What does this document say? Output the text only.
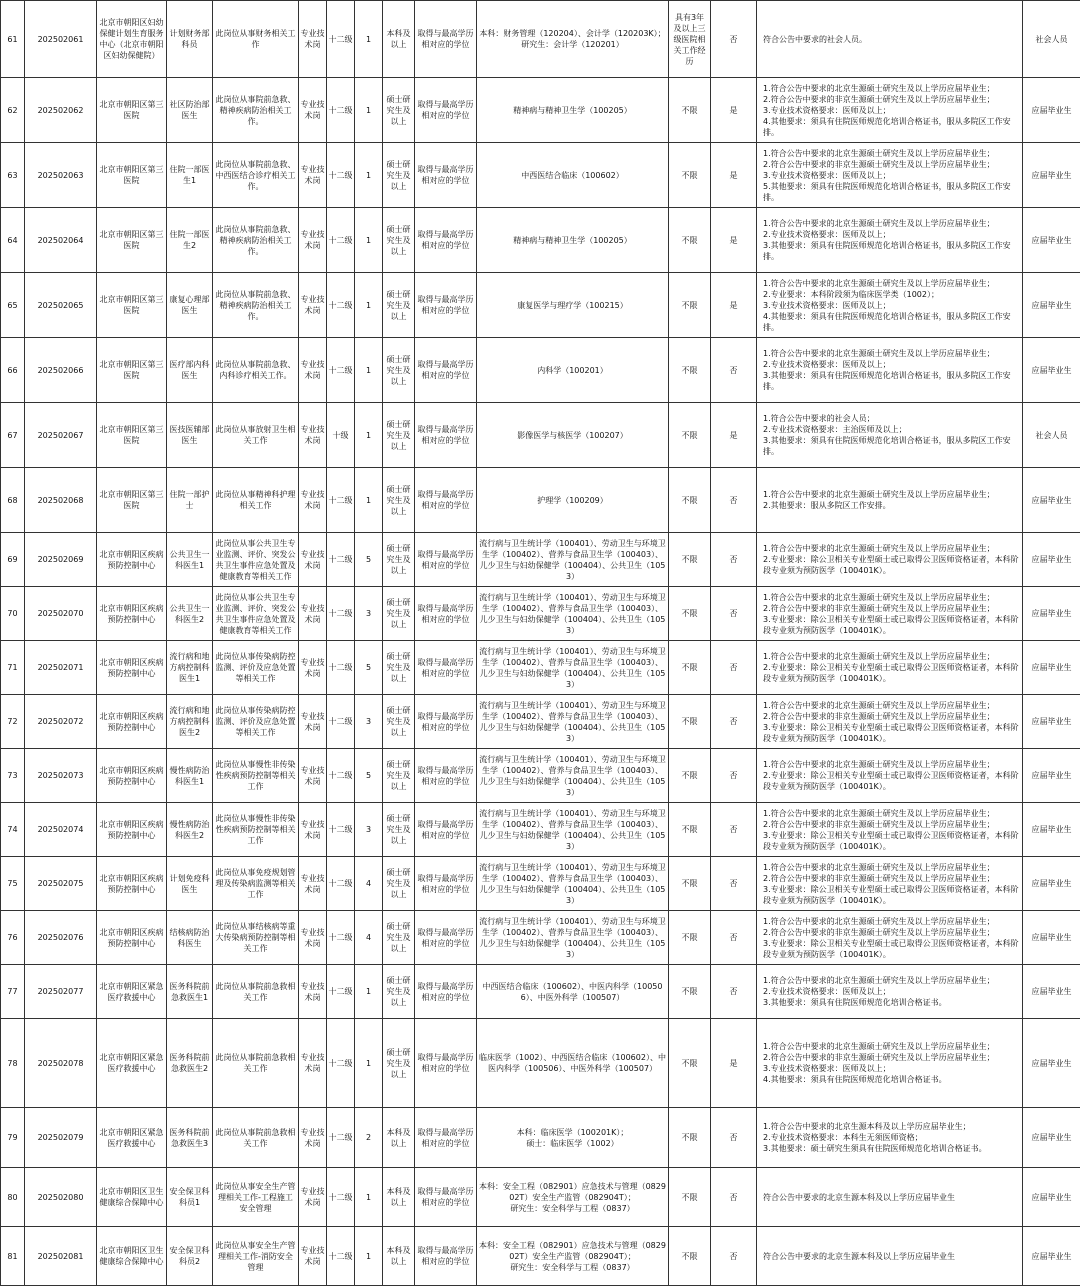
61	202502061	北京市朝阳区妇幼保健计划生育服务中心（北京市朝阳区妇幼保健院）	计划财务部科员	此岗位从事财务相关工作	专业技术岗	十二级	1	本科及以上	取得与最高学历相对应的学位	本科：财务管理（120204）、会计学（120203K）；
研究生：会计学（120201）	具有3年及以上三级医院相关工作经历	否	符合公告中要求的社会人员。	社会人员
62	202502062	北京市朝阳区第三医院	社区防治部医生	此岗位从事院前急救、精神疾病防治相关工作。	专业技术岗	十二级	1	硕士研究生及以上	取得与最高学历相对应的学位	精神病与精神卫生学（100205）	不限	是	1.符合公告中要求的北京生源硕士研究生及以上学历应届毕业生；
2.符合公告中要求的非京生源硕士研究生及以上学历应届毕业生；
3.专业技术资格要求：医师及以上；
4.其他要求：须具有住院医师规范化培训合格证书，服从多院区工作安排。	应届毕业生
63	202502063	北京市朝阳区第三医院	住院一部医生1	此岗位从事院前急救、中西医结合诊疗相关工作。	专业技术岗	十二级	1	硕士研究生及以上	取得与最高学历相对应的学位	中西医结合临床（100602）	不限	是	1.符合公告中要求的北京生源硕士研究生及以上学历应届毕业生；
2.符合公告中要求的非京生源硕士研究生及以上学历应届毕业生；
3.专业技术资格要求：医师及以上；
5.其他要求：须具有住院医师规范化培训合格证书，服从多院区工作安排。	应届毕业生
64	202502064	北京市朝阳区第三医院	住院一部医生2	此岗位从事院前急救、精神疾病防治相关工作。	专业技术岗	十二级	1	硕士研究生及以上	取得与最高学历相对应的学位	精神病与精神卫生学（100205）	不限	是	1.符合公告中要求的北京生源硕士研究生及以上学历应届毕业生；
2.专业技术资格要求：医师及以上；
3.其他要求：须具有住院医师规范化培训合格证书，服从多院区工作安排。	应届毕业生
65	202502065	北京市朝阳区第三医院	康复心理部医生	此岗位从事院前急救、精神疾病防治相关工作。	专业技术岗	十二级	1	硕士研究生及以上	取得与最高学历相对应的学位	康复医学与理疗学（100215）	不限	是	1.符合公告中要求的北京生源硕士研究生及以上学历应届毕业生；
2.专业要求：本科阶段须为临床医学类（1002）；
3.专业技术资格要求：医师及以上；
4.其他要求：须具有住院医师规范化培训合格证书，服从多院区工作安排。	应届毕业生
66	202502066	北京市朝阳区第三医院	医疗部内科医生	此岗位从事院前急救、内科诊疗相关工作。	专业技术岗	十二级	1	硕士研究生及以上	取得与最高学历相对应的学位	内科学（100201）	不限	否	1.符合公告中要求的北京生源硕士研究生及以上学历应届毕业生；
2.专业技术资格要求：医师及以上；
3.其他要求：须具有住院医师规范化培训合格证书，服从多院区工作安排。	应届毕业生
67	202502067	北京市朝阳区第三医院	医技医辅部医生	此岗位从事放射卫生相关工作	专业技术岗	十级	1	硕士研究生及以上	取得与最高学历相对应的学位	影像医学与核医学（100207）	不限	是	1.符合公告中要求的社会人员；
2.专业技术资格要求：主治医师及以上；
3.其他要求：须具有住院医师规范化培训合格证书，服从多院区工作安排。	社会人员
68	202502068	北京市朝阳区第三医院	住院一部护士	此岗位从事精神科护理相关工作	专业技术岗	十二级	1	硕士研究生及以上	取得与最高学历相对应的学位	护理学（100209）	不限	否	1.符合公告中要求的北京生源硕士研究生及以上学历应届毕业生；
2.其他要求：服从多院区工作安排。	应届毕业生
69	202502069	北京市朝阳区疾病预防控制中心	公共卫生一科医生1	此岗位从事公共卫生专业监测、评价、突发公共卫生事件应急处置及健康教育等相关工作	专业技术岗	十二级	5	硕士研究生及以上	取得与最高学历相对应的学位	流行病与卫生统计学（100401）、劳动卫生与环境卫生学（100402）、营养与食品卫生学（100403）、儿少卫生与妇幼保健学（100404）、公共卫生（1053）	不限	否	1.符合公告中要求的北京生源硕士研究生及以上学历应届毕业生；
2.专业要求：除公卫相关专业型硕士或已取得公卫医师资格证者，本科阶段专业须为预防医学（100401K）。	应届毕业生
70	202502070	北京市朝阳区疾病预防控制中心	公共卫生一科医生2	此岗位从事公共卫生专业监测、评价、突发公共卫生事件应急处置及健康教育等相关工作	专业技术岗	十二级	3	硕士研究生及以上	取得与最高学历相对应的学位	流行病与卫生统计学（100401）、劳动卫生与环境卫生学（100402）、营养与食品卫生学（100403）、儿少卫生与妇幼保健学（100404）、公共卫生（1053）	不限	否	1.符合公告中要求的北京生源硕士研究生及以上学历应届毕业生；
2.符合公告中要求的非京生源硕士研究生及以上学历应届毕业生；
3.专业要求：除公卫相关专业型硕士或已取得公卫医师资格证者，本科阶段专业须为预防医学（100401K）。	应届毕业生
71	202502071	北京市朝阳区疾病预防控制中心	流行病和地方病控制科医生1	此岗位从事传染病防控监测、评价及应急处置等相关工作	专业技术岗	十二级	5	硕士研究生及以上	取得与最高学历相对应的学位	流行病与卫生统计学（100401）、劳动卫生与环境卫生学（100402）、营养与食品卫生学（100403）、儿少卫生与妇幼保健学（100404）、公共卫生（1053）	不限	否	1.符合公告中要求的北京生源硕士研究生及以上学历应届毕业生；
2.专业要求：除公卫相关专业型硕士或已取得公卫医师资格证者，本科阶段专业须为预防医学（100401K）。	应届毕业生
72	202502072	北京市朝阳区疾病预防控制中心	流行病和地方病控制科医生2	此岗位从事传染病防控监测、评价及应急处置等相关工作	专业技术岗	十二级	3	硕士研究生及以上	取得与最高学历相对应的学位	流行病与卫生统计学（100401）、劳动卫生与环境卫生学（100402）、营养与食品卫生学（100403）、儿少卫生与妇幼保健学（100404）、公共卫生（1053）	不限	否	1.符合公告中要求的北京生源硕士研究生及以上学历应届毕业生；
2.符合公告中要求的非京生源硕士研究生及以上学历应届毕业生；
3.专业要求：除公卫相关专业型硕士或已取得公卫医师资格证者，本科阶段专业须为预防医学（100401K）。	应届毕业生
73	202502073	北京市朝阳区疾病预防控制中心	慢性病防治科医生1	此岗位从事慢性非传染性疾病预防控制等相关工作	专业技术岗	十二级	5	硕士研究生及以上	取得与最高学历相对应的学位	流行病与卫生统计学（100401）、劳动卫生与环境卫生学（100402）、营养与食品卫生学（100403）、儿少卫生与妇幼保健学（100404）、公共卫生（1053）	不限	否	1.符合公告中要求的北京生源硕士研究生及以上学历应届毕业生；
2.专业要求：除公卫相关专业型硕士或已取得公卫医师资格证者，本科阶段专业须为预防医学（100401K）。	应届毕业生
74	202502074	北京市朝阳区疾病预防控制中心	慢性病防治科医生2	此岗位从事慢性非传染性疾病预防控制等相关工作	专业技术岗	十二级	3	硕士研究生及以上	取得与最高学历相对应的学位	流行病与卫生统计学（100401）、劳动卫生与环境卫生学（100402）、营养与食品卫生学（100403）、儿少卫生与妇幼保健学（100404）、公共卫生（1053）	不限	否	1.符合公告中要求的北京生源硕士研究生及以上学历应届毕业生；
2.符合公告中要求的非京生源硕士研究生及以上学历应届毕业生；
3.专业要求：除公卫相关专业型硕士或已取得公卫医师资格证者，本科阶段专业须为预防医学（100401K）。	应届毕业生
75	202502075	北京市朝阳区疾病预防控制中心	计划免疫科医生	此岗位从事免疫规划管理及传染病监测等相关工作	专业技术岗	十二级	4	硕士研究生及以上	取得与最高学历相对应的学位	流行病与卫生统计学（100401）、劳动卫生与环境卫生学（100402）、营养与食品卫生学（100403）、儿少卫生与妇幼保健学（100404）、公共卫生（1053）	不限	否	1.符合公告中要求的北京生源硕士研究生及以上学历应届毕业生；
2.符合公告中要求的非京生源硕士研究生及以上学历应届毕业生；
3.专业要求：除公卫相关专业型硕士或已取得公卫医师资格证者，本科阶段专业须为预防医学（100401K）。	应届毕业生
76	202502076	北京市朝阳区疾病预防控制中心	结核病防治科医生	此岗位从事结核病等重大传染病预防控制等相关工作	专业技术岗	十二级	4	硕士研究生及以上	取得与最高学历相对应的学位	流行病与卫生统计学（100401）、劳动卫生与环境卫生学（100402）、营养与食品卫生学（100403）、儿少卫生与妇幼保健学（100404）、公共卫生（1053）	不限	否	1.符合公告中要求的北京生源硕士研究生及以上学历应届毕业生；
2.符合公告中要求的非京生源硕士研究生及以上学历应届毕业生；
3.专业要求：除公卫相关专业型硕士或已取得公卫医师资格证者，本科阶段专业须为预防医学（100401K）。	应届毕业生
77	202502077	北京市朝阳区紧急医疗救援中心	医务科院前急救医生1	此岗位从事院前急救相关工作	专业技术岗	十二级	1	硕士研究生及以上	取得与最高学历相对应的学位	中西医结合临床（100602）、中医内科学（100506）、中医外科学（100507）	不限	否	1.符合公告中要求的北京生源硕士研究生及以上学历应届毕业生；
2.专业技术资格要求：医师及以上；
3.其他要求：须具有住院医师规范化培训合格证书。	应届毕业生
78	202502078	北京市朝阳区紧急医疗救援中心	医务科院前急救医生2	此岗位从事院前急救相关工作	专业技术岗	十二级	1	硕士研究生及以上	取得与最高学历相对应的学位	临床医学（1002）、中西医结合临床（100602）、中医内科学（100506）、中医外科学（100507）	不限	是	1.符合公告中要求的北京生源硕士研究生及以上学历应届毕业生；
2.符合公告中要求的非京生源硕士研究生及以上学历应届毕业生；
3.专业技术资格要求：医师及以上；
4.其他要求：须具有住院医师规范化培训合格证书。	应届毕业生
79	202502079	北京市朝阳区紧急医疗救援中心	医务科院前急救医生3	此岗位从事院前急救相关工作	专业技术岗	十二级	2	本科及以上	取得与最高学历相对应的学位	本科：临床医学（100201K）；
硕士：临床医学（1002）	不限	否	1.符合公告中要求的北京生源本科及以上学历应届毕业生；
2.专业技术资格要求：本科生无须医师资格；
3.其他要求：硕士研究生须具有住院医师规范化培训合格证书。	应届毕业生
80	202502080	北京市朝阳区卫生健康综合保障中心	安全保卫科科员1	此岗位从事安全生产管理相关工作-工程施工安全管理	专业技术岗	十二级	1	本科及以上	取得与最高学历相对应的学位	本科：安全工程（082901）应急技术与管理（082902T）安全生产监管（082904T）；
研究生：安全科学与工程（0837）	不限	否	符合公告中要求的北京生源本科及以上学历应届毕业生	应届毕业生
81	202502081	北京市朝阳区卫生健康综合保障中心	安全保卫科科员2	此岗位从事安全生产管理相关工作-消防安全管理	专业技术岗	十二级	1	本科及以上	取得与最高学历相对应的学位	本科：安全工程（082901）应急技术与管理（082902T）安全生产监管（082904T）；
研究生：安全科学与工程（0837）	不限	否	符合公告中要求的北京生源本科及以上学历应届毕业生	应届毕业生
